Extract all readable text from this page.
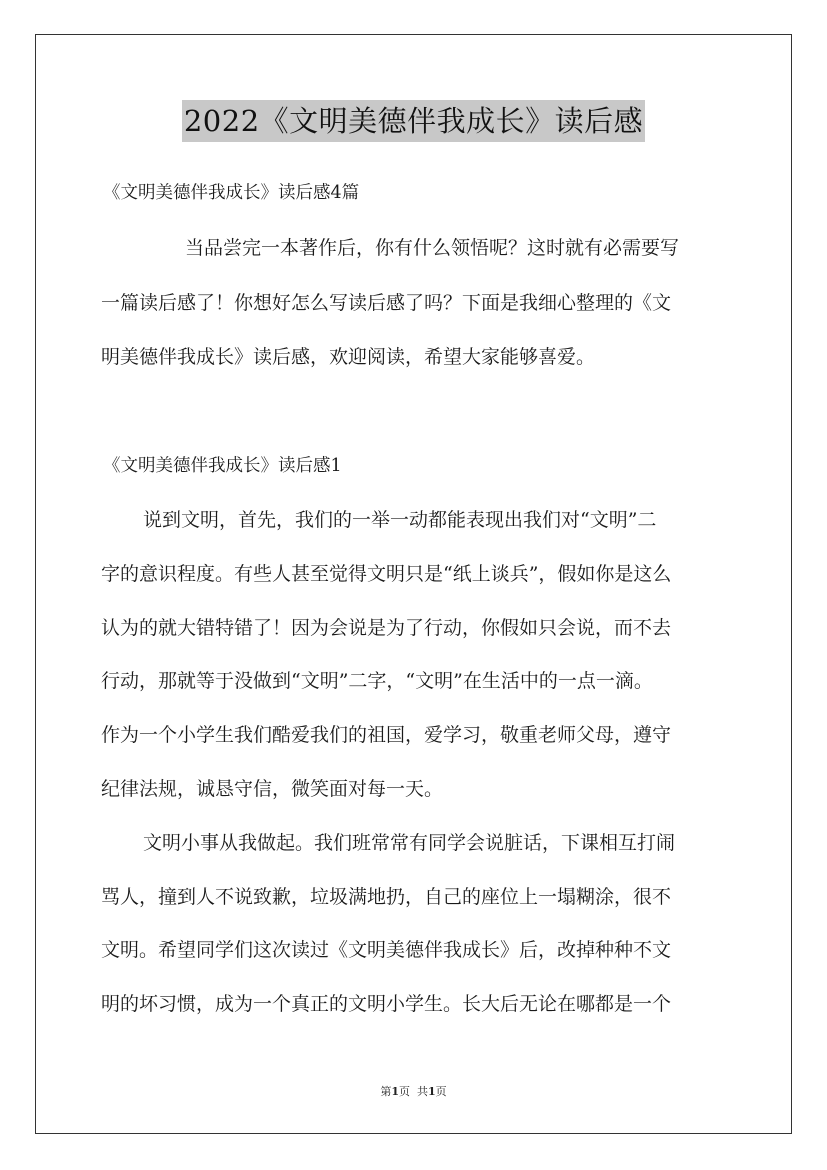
2022《文明美德伴我成长》读后感
《文明美德伴我成长》读后感4篇
当品尝完一本著作后，你有什么领悟呢？这时就有必需要写
一篇读后感了！你想好怎么写读后感了吗？下面是我细心整理的《文
明美德伴我成长》读后感，欢迎阅读，希望大家能够喜爱。
《文明美德伴我成长》读后感1
说到文明，首先，我们的一举一动都能表现出我们对“文明”二
字的意识程度。有些人甚至觉得文明只是“纸上谈兵”，假如你是这么
认为的就大错特错了！因为会说是为了行动，你假如只会说，而不去
行动，那就等于没做到“文明”二字，“文明”在生活中的一点一滴。
作为一个小学生我们酷爱我们的祖国，爱学习，敬重老师父母，遵守
纪律法规，诚恳守信，微笑面对每一天。
文明小事从我做起。我们班常常有同学会说脏话，下课相互打闹
骂人，撞到人不说致歉，垃圾满地扔，自己的座位上一塌糊涂，很不
文明。希望同学们这次读过《文明美德伴我成长》后，改掉种种不文
明的坏习惯，成为一个真正的文明小学生。长大后无论在哪都是一个
第1页 共1页
